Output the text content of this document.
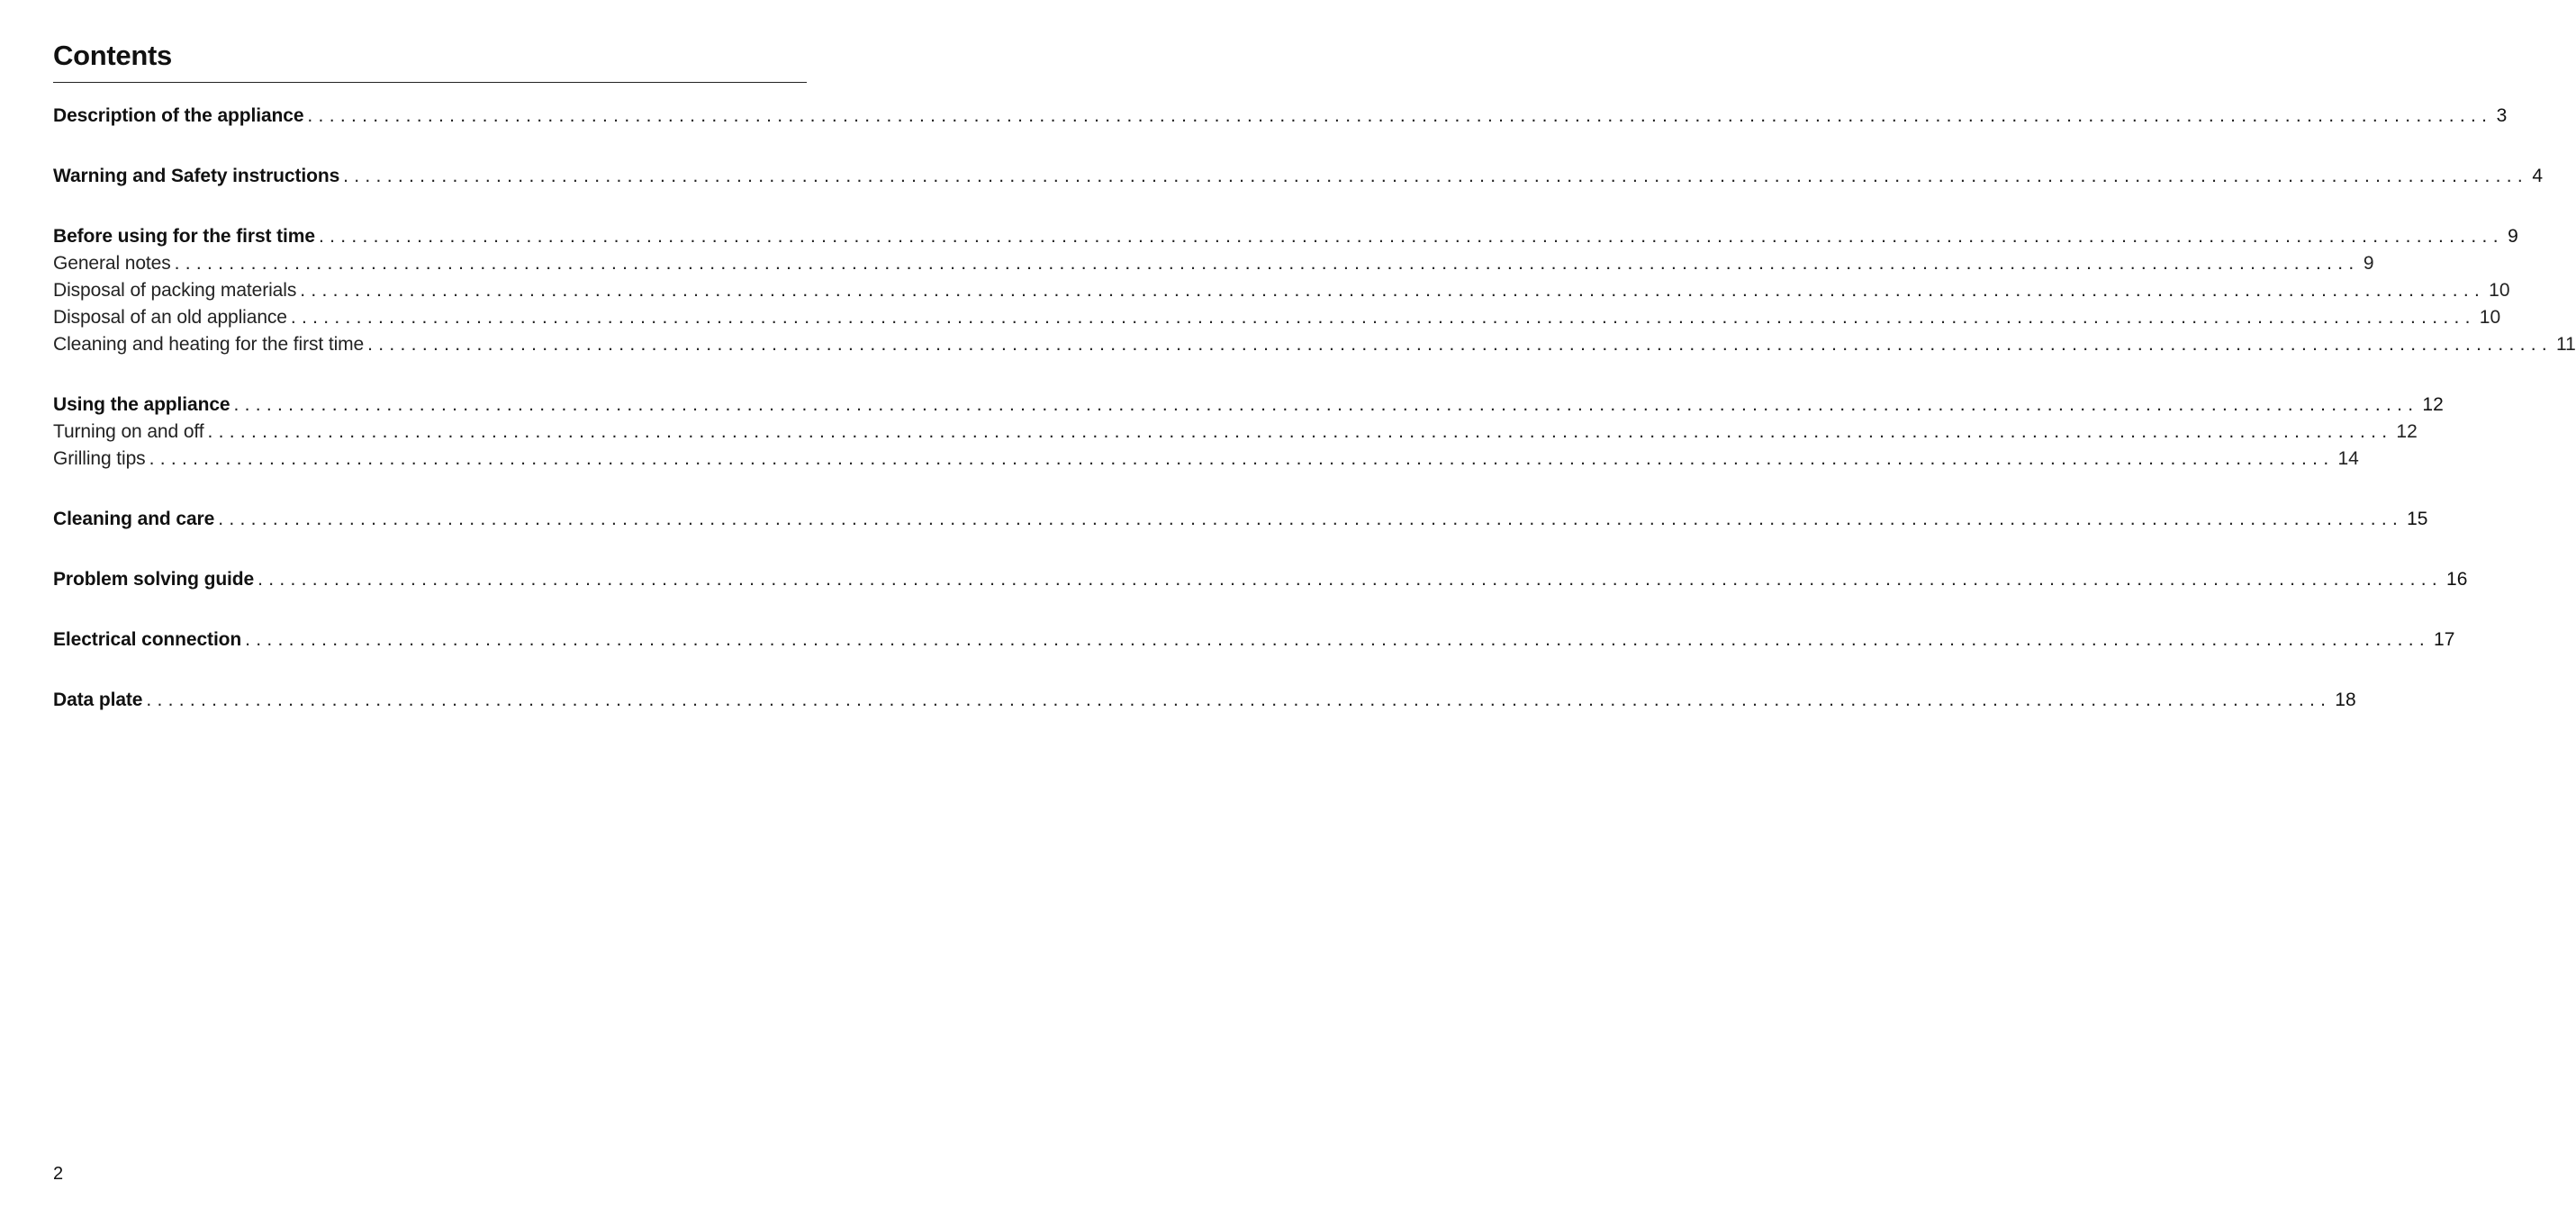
Contents
Description of the appliance ........................................................................................................................................................................................................ 3
Warning and Safety instructions ........................................................................................................................................................................................................ 4
Before using for the first time ........................................................................................................................................................................................................ 9
General notes ........................................................................................................................................................................................................ 9
Disposal of packing materials ........................................................................................................................................................................................................ 10
Disposal of an old appliance ........................................................................................................................................................................................................ 10
Cleaning and heating for the first time ........................................................................................................................................................................................................ 11
Using the appliance ........................................................................................................................................................................................................ 12
Turning on and off ........................................................................................................................................................................................................ 12
Grilling tips ........................................................................................................................................................................................................ 14
Cleaning and care ........................................................................................................................................................................................................ 15
Problem solving guide ........................................................................................................................................................................................................ 16
Electrical connection ........................................................................................................................................................................................................ 17
Data plate ........................................................................................................................................................................................................ 18
2
